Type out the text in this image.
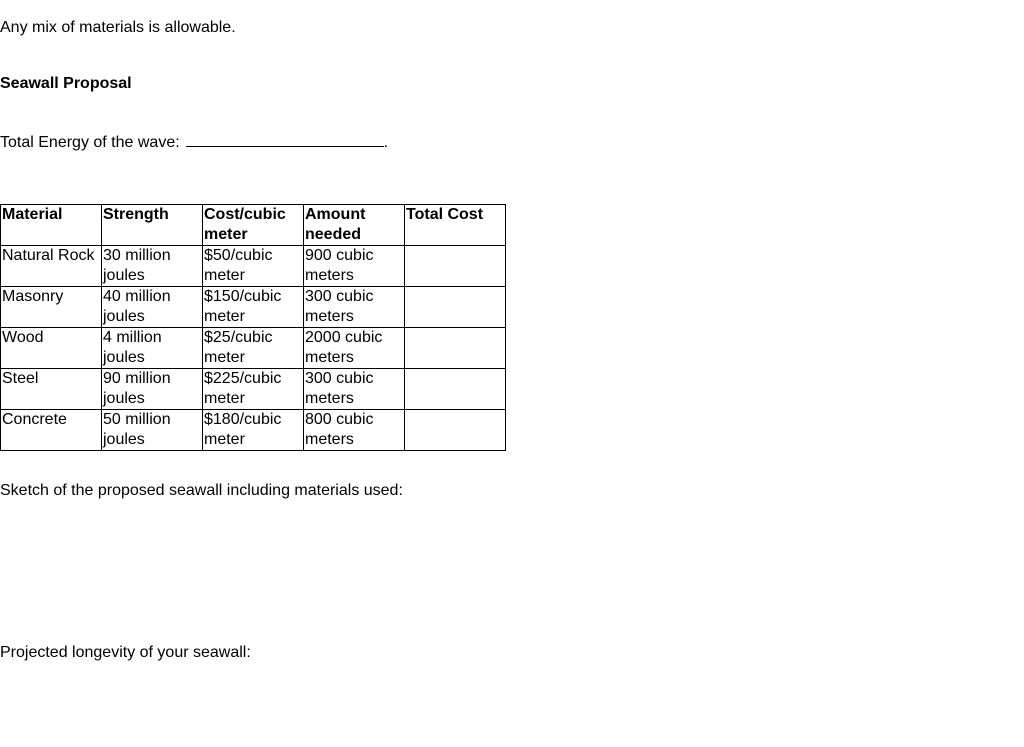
Any mix of materials is allowable.
Seawall Proposal
Total Energy of the wave:	.
Material	Strength	Cost/cubic meter	Amount needed	Total Cost
Natural Rock	30 million joules	$50/cubic meter	900 cubic meters	
Masonry	40 million joules	$150/cubic meter	300 cubic meters	
Wood	4 million joules	$25/cubic meter	2000 cubic meters	
Steel	90 million joules	$225/cubic meter	300 cubic meters	
Concrete	50 million joules	$180/cubic meter	800 cubic meters	
Sketch of the proposed seawall including materials used:
Projected longevity of your seawall:
